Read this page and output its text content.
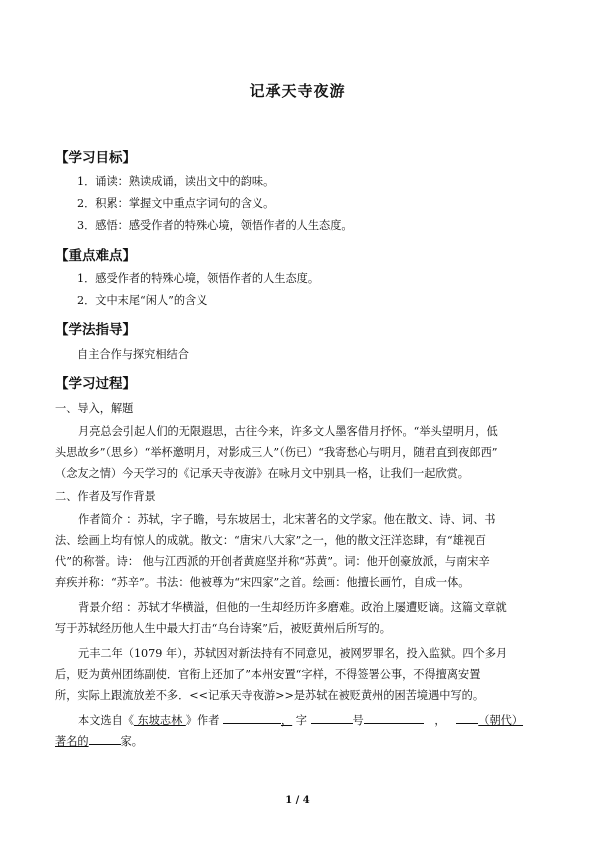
记承天寺夜游
【学习目标】
1．诵读：熟读成诵，读出文中的韵味。
2．积累：掌握文中重点字词句的含义。
3．感悟：感受作者的特殊心境，领悟作者的人生态度。
【重点难点】
1．感受作者的特殊心境，领悟作者的人生态度。
2．文中末尾“闲人”的含义
【学法指导】
自主合作与探究相结合
【学习过程】
一、导入，解题
月亮总会引起人们的无限遐思，古往今来，许多文人墨客借月抒怀。“举头望明月，低
头思故乡”（思乡）“举杯邀明月，对影成三人”（伤已）“我寄愁心与明月，随君直到夜郎西”
（念友之情）今天学习的《记承天寺夜游》在咏月文中别具一格，让我们一起欣赏。
二、作者及写作背景
作者简介 ：苏轼，字子瞻，号东坡居士，北宋著名的文学家。他在散文、诗、词、书
法、绘画上均有惊人的成就。散文：“唐宋八大家”之一，他的散文汪洋恣肆，有“雄视百
代”的称誉。诗： 他与江西派的开创者黄庭坚并称“苏黄”。词：他开创豪放派，与南宋辛
弃疾并称：“苏辛”。书法：他被尊为“宋四家”之首。绘画：他擅长画竹，自成一体。
背景介绍 ：苏轼才华横溢，但他的一生却经历许多磨难。政治上屡遭贬谪。这篇文章就
写于苏轼经历他人生中最大打击“乌台诗案”后，被贬黄州后所写的。
元丰二年（1079 年），苏轼因对新法持有不同意见，被网罗罪名，投入监狱。四个多月
后，贬为黄州团练副使．官衔上还加了”本州安置“字样，不得签署公事，不得擅离安置
所，实际上跟流放差不多．<<记承天寺夜游>>是苏轼在被贬黄州的困苦境遇中写的。
本文选自《 东坡志林 》作者	， 字	号	，	（朝代）
著名的	家。
1 / 4
